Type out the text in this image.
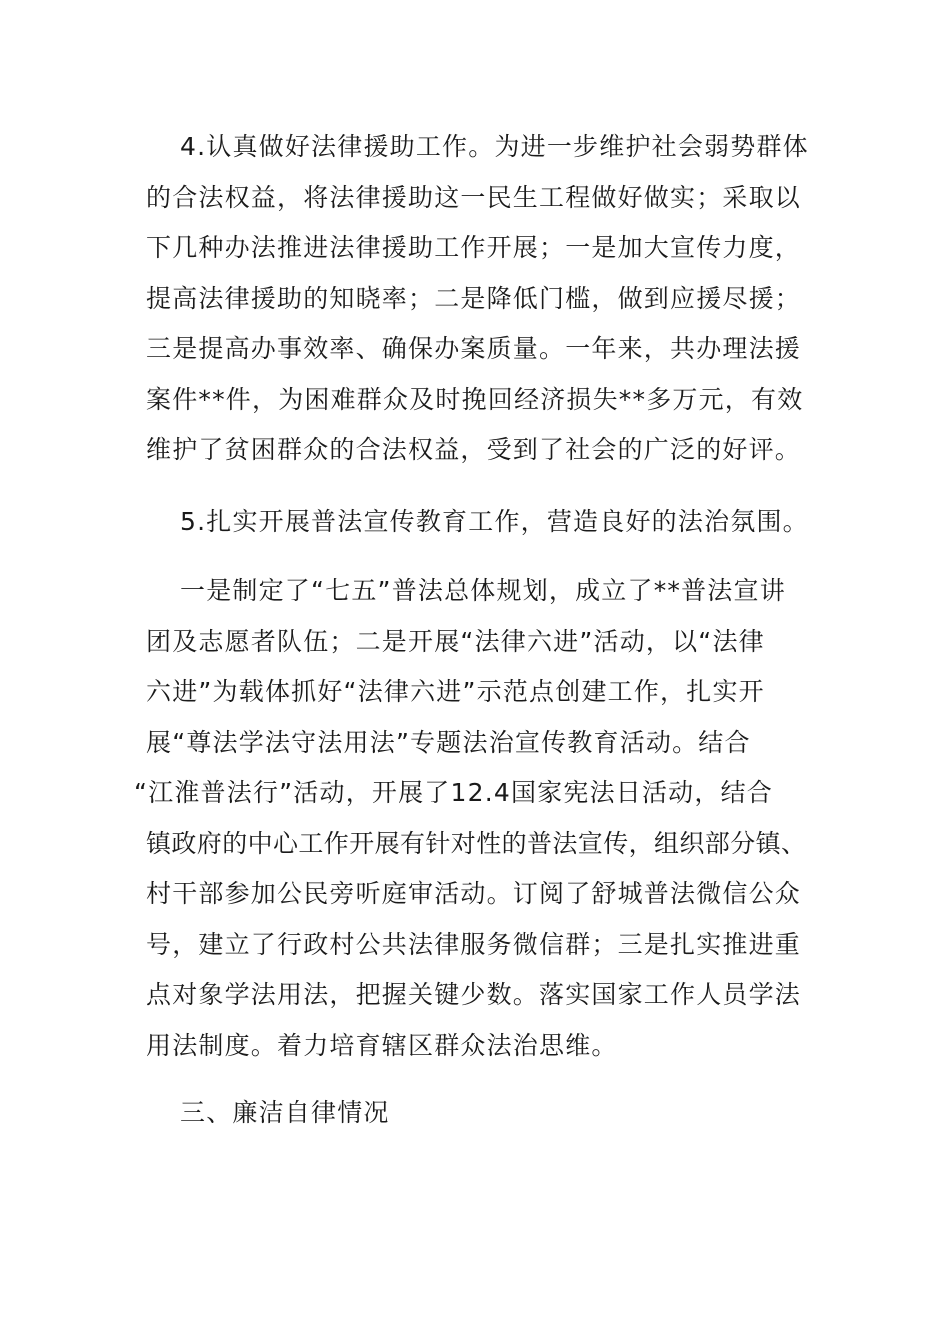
4.认真做好法律援助工作。为进一步维护社会弱势群体
的合法权益，将法律援助这一民生工程做好做实；采取以
下几种办法推进法律援助工作开展；一是加大宣传力度，
提高法律援助的知晓率；二是降低门槛，做到应援尽援；
三是提高办事效率、确保办案质量。一年来，共办理法援
案件**件，为困难群众及时挽回经济损失**多万元，有效
维护了贫困群众的合法权益，受到了社会的广泛的好评。

5.扎实开展普法宣传教育工作，营造良好的法治氛围。

一是制定了“七五”普法总体规划，成立了**普法宣讲
团及志愿者队伍；二是开展“法律六进”活动，以“法律
六进”为载体抓好“法律六进”示范点创建工作，扎实开
展“尊法学法守法用法”专题法治宣传教育活动。结合
“江淮普法行”活动，开展了12.4国家宪法日活动，结合
镇政府的中心工作开展有针对性的普法宣传，组织部分镇、
村干部参加公民旁听庭审活动。订阅了舒城普法微信公众
号，建立了行政村公共法律服务微信群；三是扎实推进重
点对象学法用法，把握关键少数。落实国家工作人员学法
用法制度。着力培育辖区群众法治思维。

三、廉洁自律情况
